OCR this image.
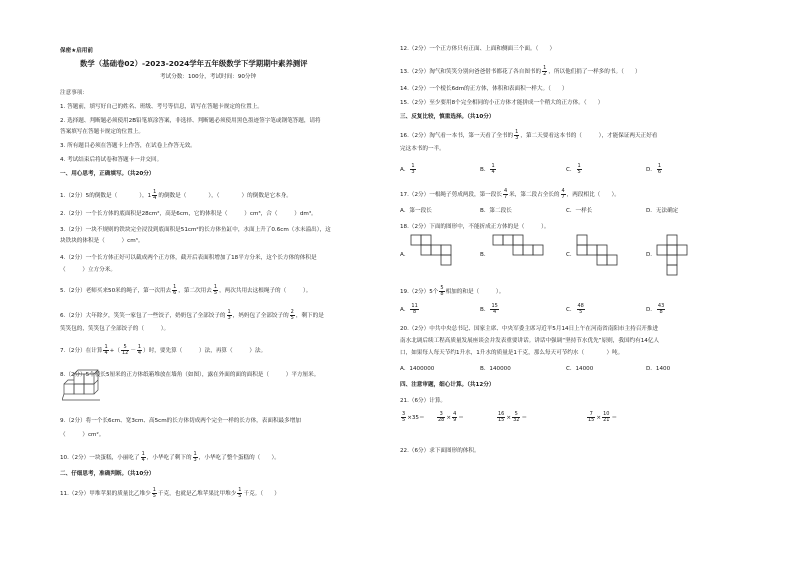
保密★启用前
数学（基础卷02）-2023-2024学年五年级数学下学期期中素养测评
考试分数：100分，考试时间：90分钟
注意事项：
1. 答题前，填写好自己的姓名、班级、考号等信息，请写在答题卡规定的位置上。
2. 选择题、判断题必须使用2B铅笔填涂答案，非选择、判断题必须使用黑色墨迹签字笔或钢笔答题，请将
答案填写在答题卡规定的位置上。
3. 所有题目必须在答题卡上作答，在试卷上作答无效。
4. 考试结束后将试卷和答题卡一并交回。
一、用心思考，正确填写。（共20分）
1.（2分）5的倒数是（	），$1 \frac{1}{4}$ 的倒数是（	），（	）的倒数是它本身。
2.（2分）一个长方体的底面积是28cm²，高是6cm，它的体积是（　　　）cm³，合（　　　）dm³。
3.（2分）一块不规则的铁块完全浸没到底面积是51cm²的长方体鱼缸中，水面上升了0.6cm（水未溢出），这
块铁块的体积是（　　　）cm³。
4.（2分）一个长方体正好可以截成两个正方体，截开后表面积增加了18平方分米，这个长方体的体积是
（　　　）立方分米。
5.（2分）老师买来50米的绳子，第一次用去 $\frac{1}{6}$ ，第二次用去 $\frac{1}{5}$ ，两次共用去这根绳子的（　　　）。
6.（2分）大年除夕，笑笑一家包了一些饺子，奶奶包了全部饺子的 $\frac{1}{3}$ ，妈妈包了全部饺子的 $\frac{2}{5}$ ，剩下的是
笑笑包的，笑笑包了全部饺子的（　　　）。
7.（2分）在计算 $\frac{1}{4}$ +（ $\frac{5}{12} - \frac{1}{4}$ ）时，要先算（　　　）法，再算（　　　）法。
8.（2分）5个棱长5厘米的正方体纸箱堆放在墙角（如图），露在外面的面的面积是（　　　）平方厘米。
9.（2分）将一个长6cm、宽3cm、高5cm的长方体切成两个完全一样的长方体，表面积最多增加
（　　　）cm²。
10.（2分）一块蛋糕，小丽吃了 $\frac{1}{4}$ ，小华吃了剩下的 $\frac{1}{3}$ ，小华吃了整个蛋糕的（　　）。
二、仔细思考，准确判断。（共10分）
11.（2分）甲堆苹果的质量比乙堆少 $\frac{1}{5}$ 千克，也就是乙堆苹果比甲堆少 $\frac{1}{5}$ 千克。（　　）
12.（2分）一个正方体只有正面、上面和侧面三个面。（　　）
13.（2分）淘气和笑笑分别向爸爸借书都花了各自图书的 $\frac{1}{2}$ ，所以他们捐了一样多的书。（　　）
14.（2分）一个棱长6dm的正方体，体积和表面积一样大。（　　）
15.（2分）至少要用8个完全相同的小正方体才能拼成一个稍大的正方体。（　　）
三、反复比较，慎重选择。（共10分）
16.（2分）淘气看一本书，第一天看了全书的 $\frac{1}{3}$ ，第二天要看这本书的（　　　），才能保证两天正好看
完这本书的一半。
A． $\frac{1}{3}$	B． $\frac{1}{4}$	C． $\frac{1}{5}$	D． $\frac{1}{6}$
17.（2分）一根绳子剪成两段，第一段长 $\frac{4}{7}$ 米，第二段占全长的 $\frac{4}{7}$ ，两段相比（　　）。
A．第一段长	B．第二段长	C．一样长	D．无法确定
18.（2分）下面的图形中，不能折成正方体的是（　　　）。
A．	B．	C．	D．
19.（2分）5个 $\frac{5}{8}$ 相加的和是（　　　）。
A． $\frac{11}{8}$	B． $\frac{15}{4}$	C． $\frac{48}{5}$	D． $\frac{43}{8}$
20.（2分）中共中央总书记、国家主席、中央军委主席习近平5月14日上午在河南省南阳市主持召开推进
南水北调后续工程高质量发展座谈会并发表重要讲话。讲话中强调“坚持节水优先”原则，我国约有14亿人
口，如果每人每天节约1升水，1升水的质量是1千克，那么每天可节约水（　　　　）吨。
A．1400000	B．140000	C．14000	D．1400
四、注意审题，细心计算。（共12分）
21.（6分）计算。
$\frac{3}{5} \times 35= \frac{3}{28} \times \frac{4}{9}$ ＝	$\frac{16}{15} \times \frac{5}{32}$ ＝	$\frac{7}{15} \times \frac{10}{21}$ ＝
22.（6分）求下面图形的体积。
